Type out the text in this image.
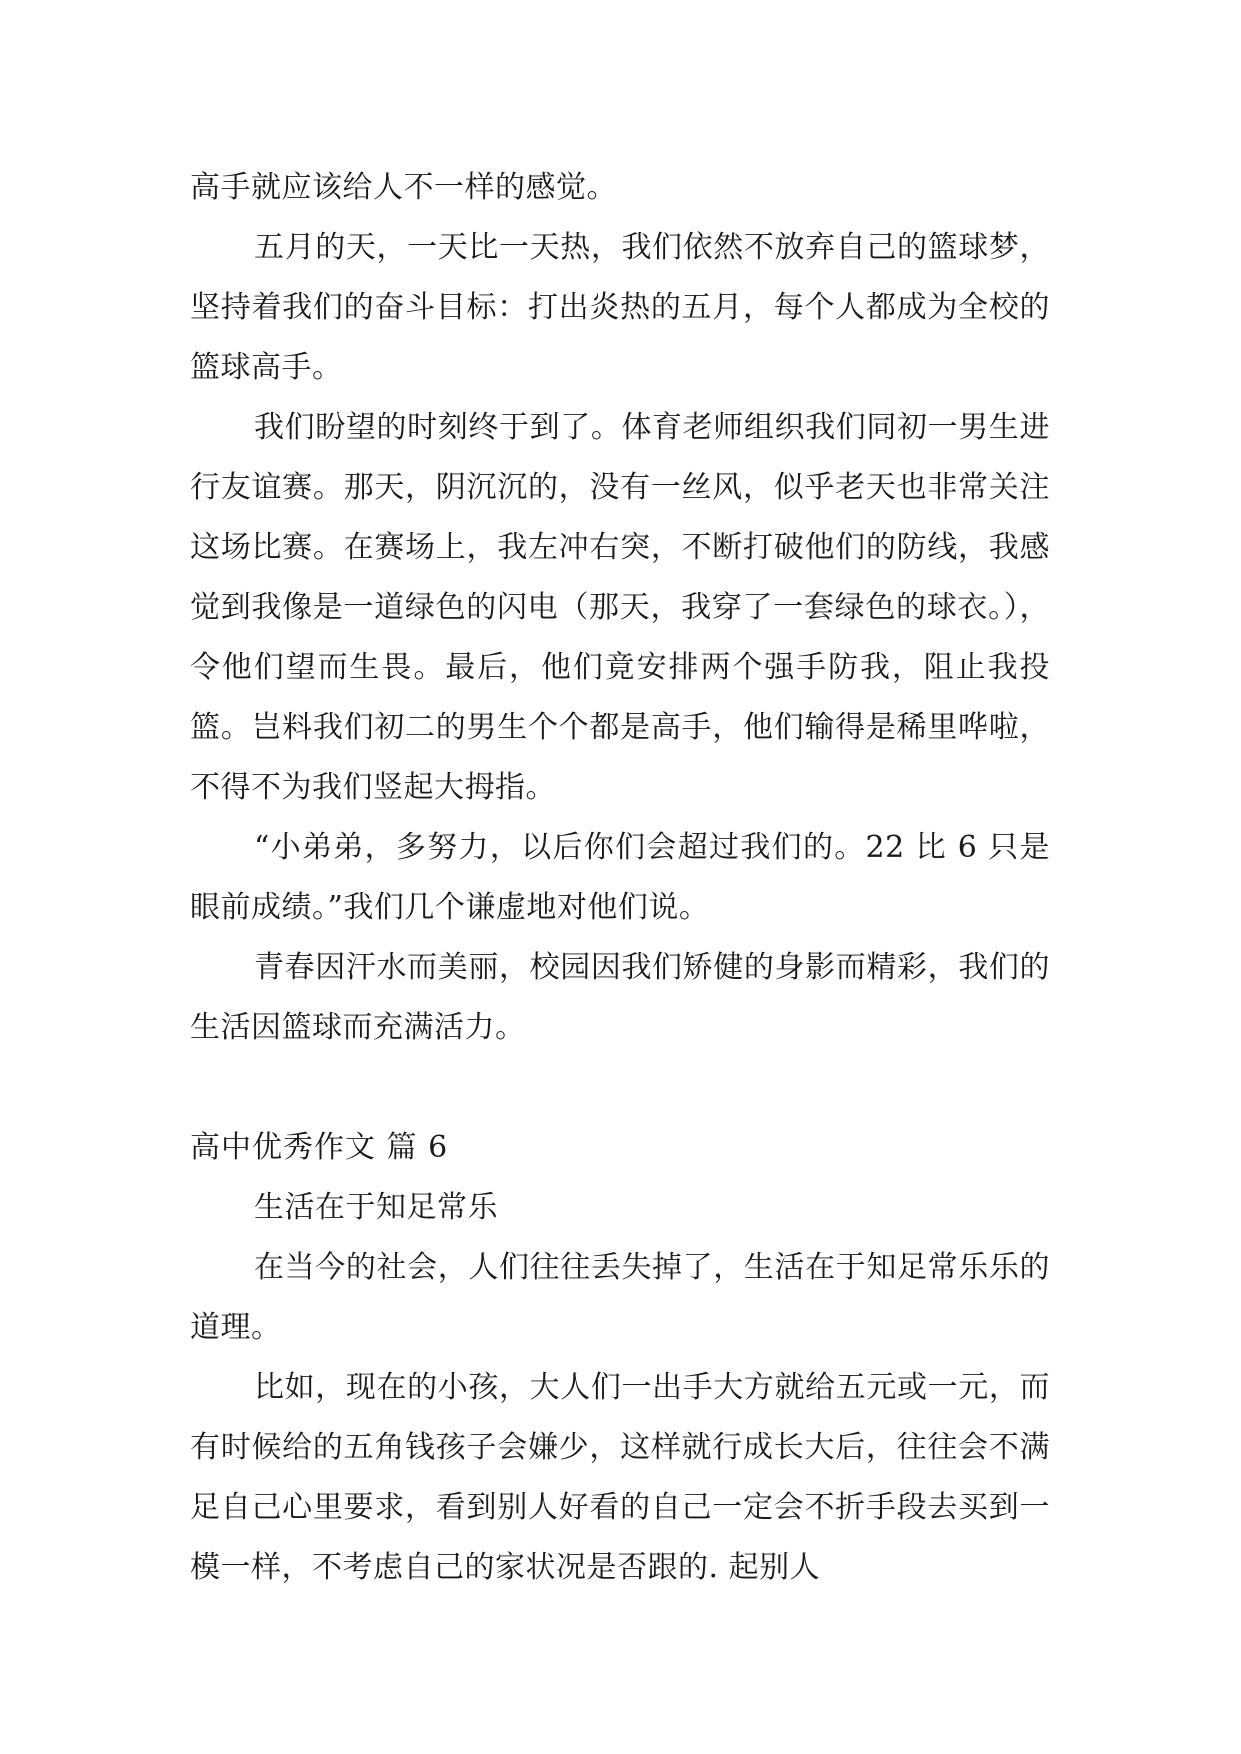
高手就应该给人不一样的感觉。

五月的天，一天比一天热，我们依然不放弃自己的篮球梦，坚持着我们的奋斗目标：打出炎热的五月，每个人都成为全校的篮球高手。

我们盼望的时刻终于到了。体育老师组织我们同初一男生进行友谊赛。那天，阴沉沉的，没有一丝风，似乎老天也非常关注这场比赛。在赛场上，我左冲右突，不断打破他们的防线，我感觉到我像是一道绿色的闪电（那天，我穿了一套绿色的球衣。），令他们望而生畏。最后，他们竟安排两个强手防我，阻止我投篮。岂料我们初二的男生个个都是高手，他们输得是稀里哗啦，不得不为我们竖起大拇指。

“小弟弟，多努力，以后你们会超过我们的。22 比 6 只是眼前成绩。”我们几个谦虚地对他们说。

青春因汗水而美丽，校园因我们矫健的身影而精彩，我们的生活因篮球而充满活力。

高中优秀作文 篇 6

生活在于知足常乐

在当今的社会，人们往往丢失掉了，生活在于知足常乐乐的道理。

比如，现在的小孩，大人们一出手大方就给五元或一元，而有时候给的五角钱孩子会嫌少，这样就行成长大后，往往会不满足自己心里要求，看到别人好看的自己一定会不折手段去买到一模一样，不考虑自己的家状况是否跟的. 起别人
